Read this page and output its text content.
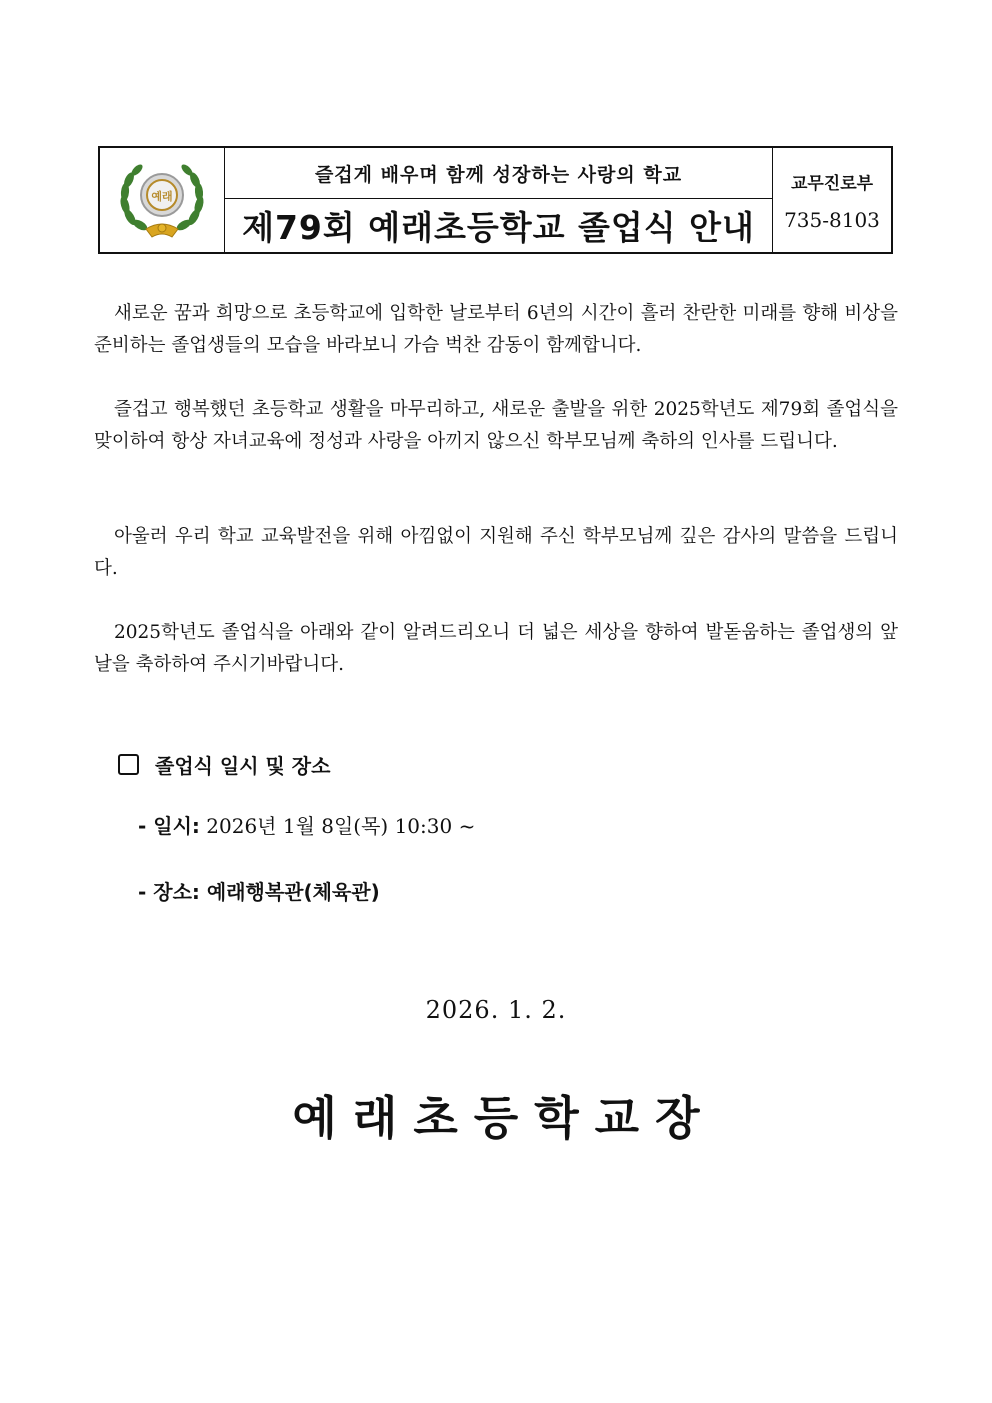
예래
즐겁게 배우며 함께 성장하는 사랑의 학교
제79회 예래초등학교 졸업식 안내
교무진로부
735-8103

새로운 꿈과 희망으로 초등학교에 입학한 날로부터 6년의 시간이 흘러 찬란한 미래를 향해 비상을 준비하는 졸업생들의 모습을 바라보니 가슴 벅찬 감동이 함께합니다.

즐겁고 행복했던 초등학교 생활을 마무리하고, 새로운 출발을 위한 2025학년도 제79회 졸업식을 맞이하여 항상 자녀교육에 정성과 사랑을 아끼지 않으신 학부모님께 축하의 인사를 드립니다.

아울러 우리 학교 교육발전을 위해 아낌없이 지원해 주신 학부모님께 깊은 감사의 말씀을 드립니다.

2025학년도 졸업식을 아래와 같이 알려드리오니 더 넓은 세상을 향하여 발돋움하는 졸업생의 앞날을 축하하여 주시기바랍니다.

졸업식 일시 및 장소
- 일시: 2026년 1월 8일(목) 10:30 ~
- 장소: 예래행복관(체육관)
2026. 1. 2.
예 래 초 등 학 교 장
